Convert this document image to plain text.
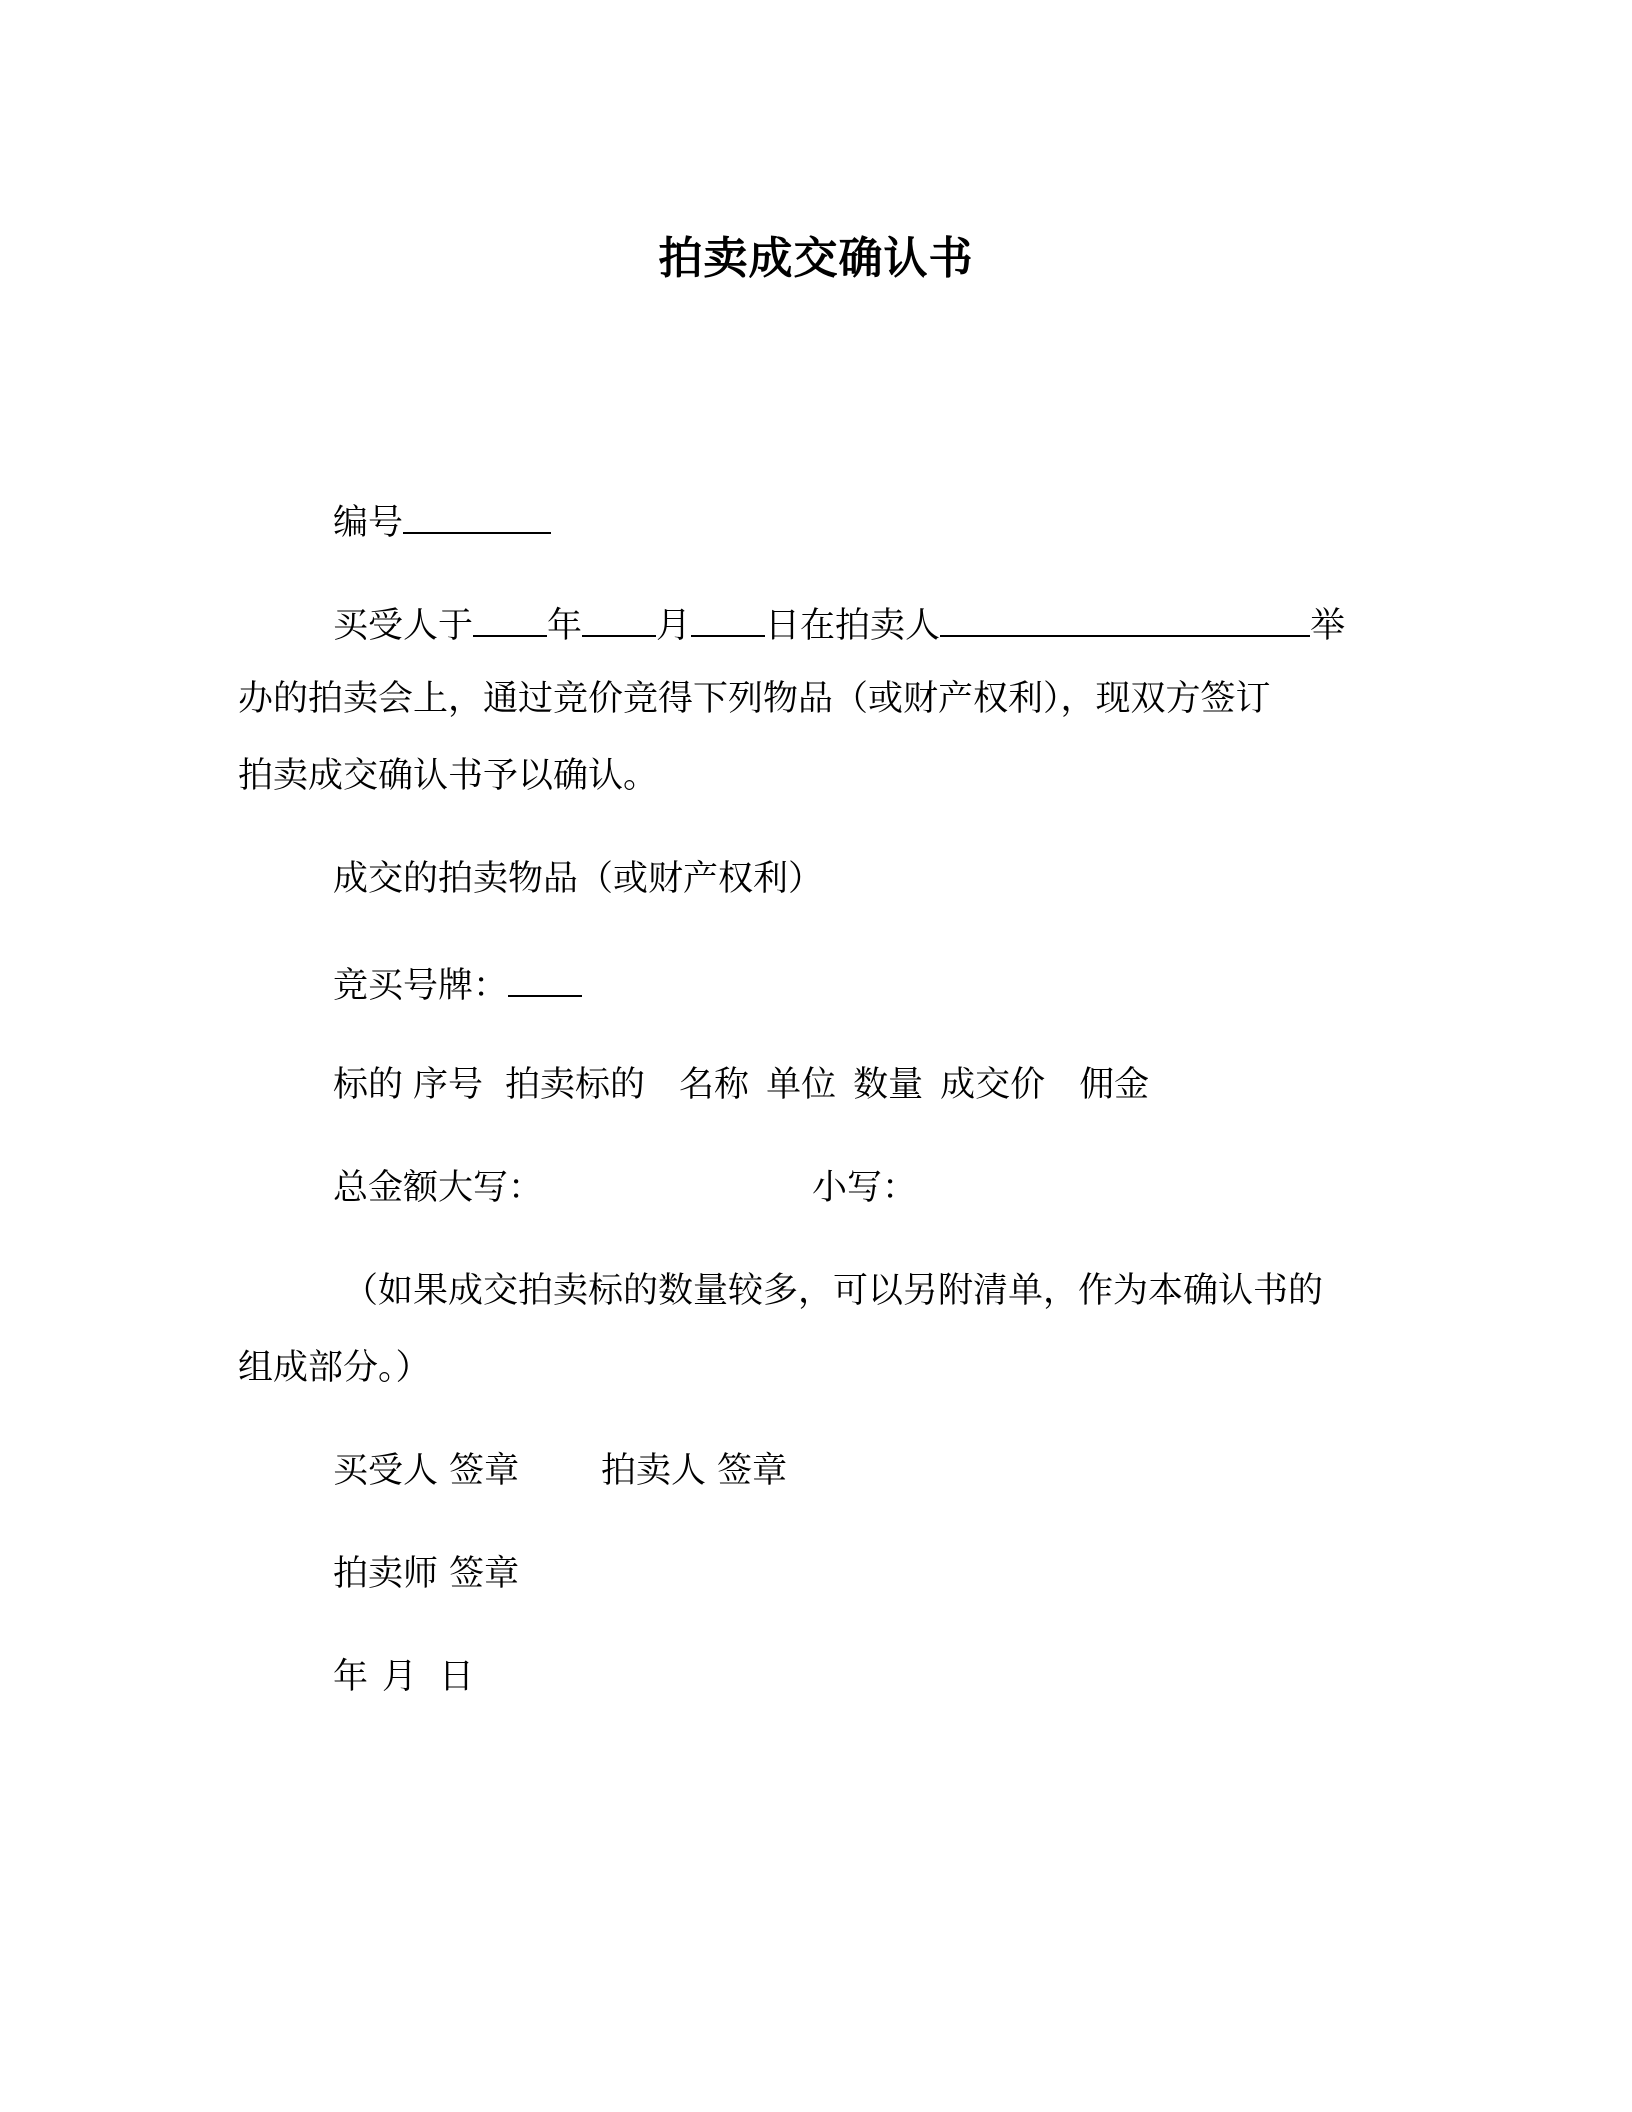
拍卖成交确认书
编号
买受人于 年 月 日在拍卖人	举
办的拍卖会上，通过竞价竞得下列物品（或财产权利），现双方签订
拍卖成交确认书予以确认。
成交的拍卖物品（或财产权利）
竞买号牌：
标的 序号 拍卖标的 名称 单位 数量 成交价 佣金
总金额大写：	小写：
（如果成交拍卖标的数量较多，可以另附清单，作为本确认书的
组成部分。）
买受人 签章 拍卖人 签章
拍卖师 签章
年 月 日
